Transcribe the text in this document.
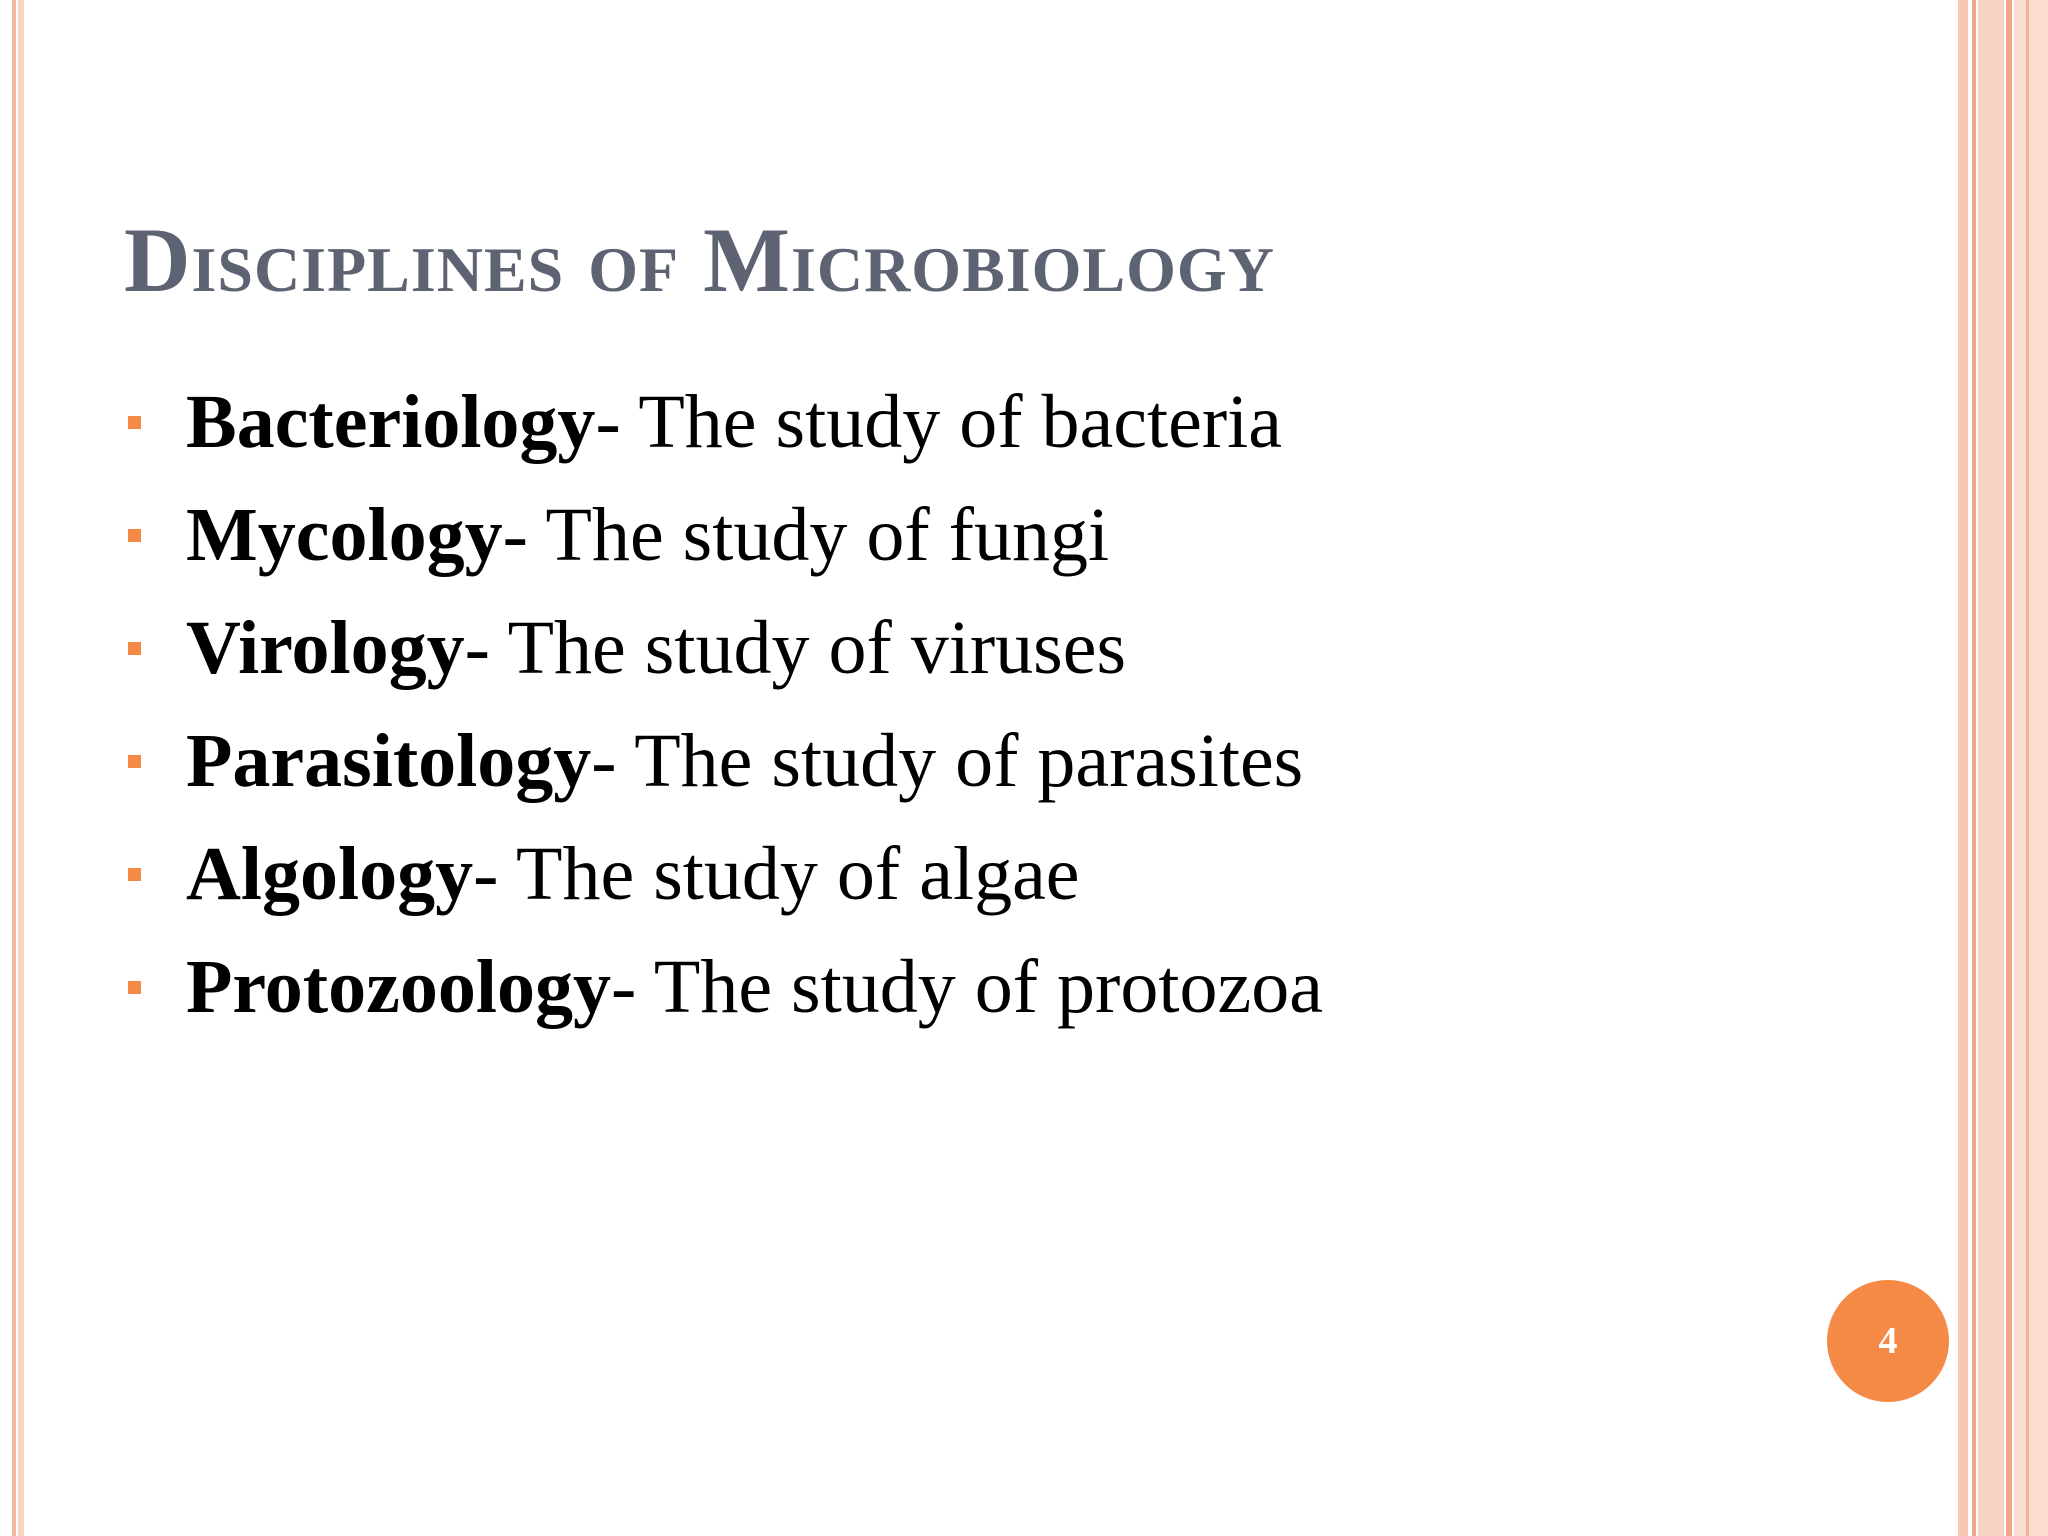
Disciplines of Microbiology
Bacteriology- The study of bacteria
Mycology- The study of fungi
Virology- The study of viruses
Parasitology- The study of parasites
Algology- The study of algae
Protozoology- The study of protozoa
4
